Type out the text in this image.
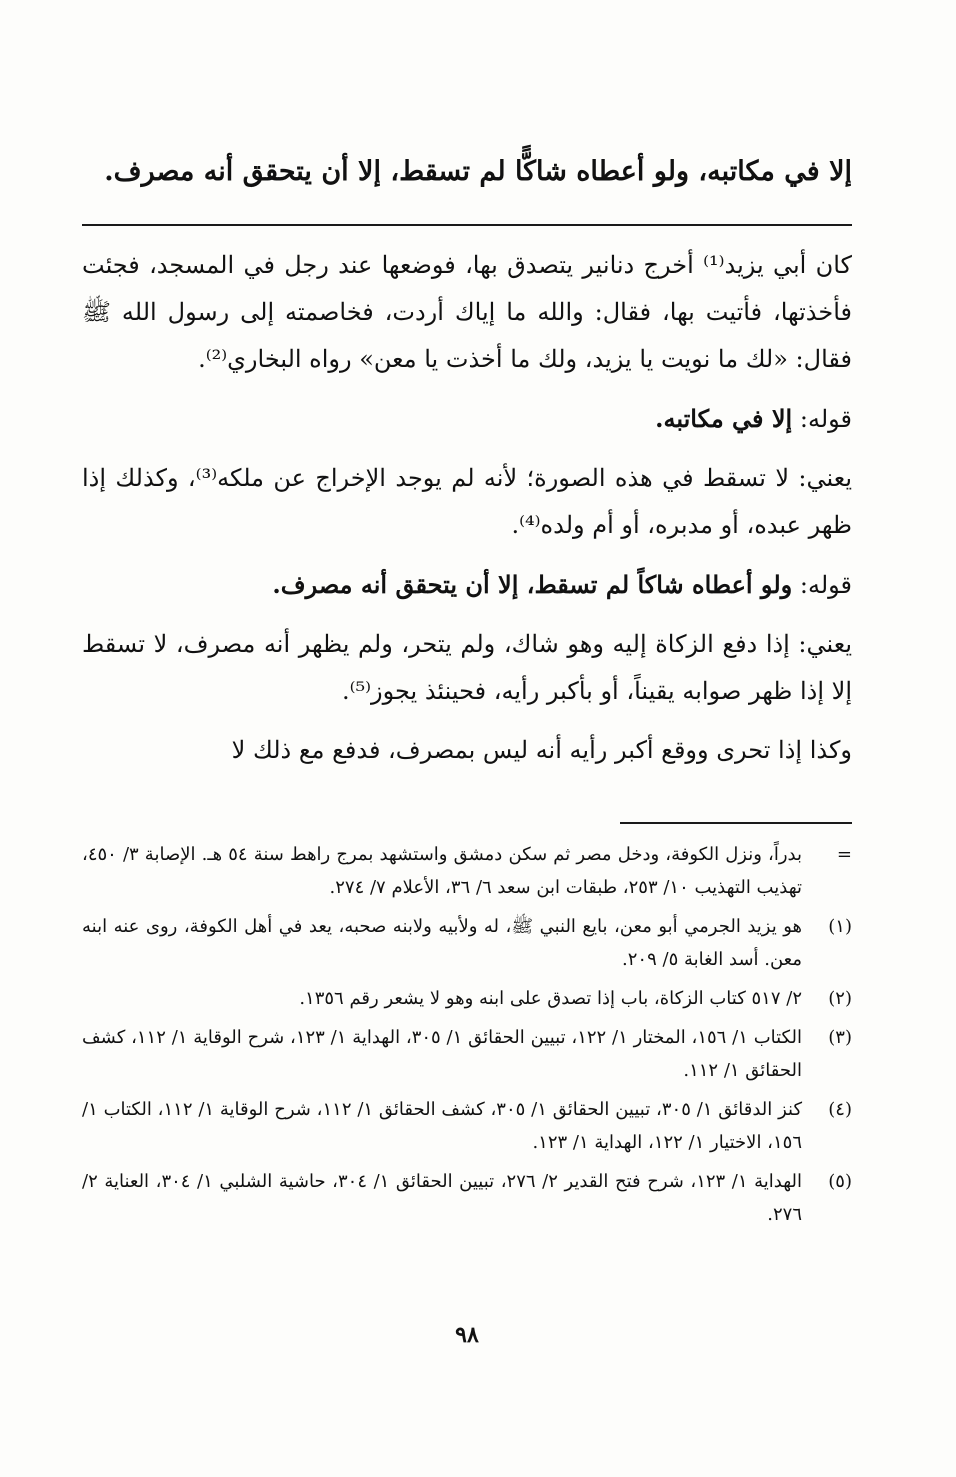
إلا في مكاتبه، ولو أعطاه شاكًّا لم تسقط، إلا أن يتحقق أنه مصرف.

كان أبي يزيد⁽¹⁾ أخرج دنانير يتصدق بها، فوضعها عند رجل في المسجد، فجئت فأخذتها، فأتيت بها، فقال: والله ما إياك أردت، فخاصمته إلى رسول الله ﷺ فقال: «لك ما نويت يا يزيد، ولك ما أخذت يا معن» رواه البخاري⁽²⁾.

قوله: إلا في مكاتبه.

يعني: لا تسقط في هذه الصورة؛ لأنه لم يوجد الإخراج عن ملكه⁽³⁾، وكذلك إذا ظهر عبده، أو مدبره، أو أم ولده⁽⁴⁾.

قوله: ولو أعطاه شاكاً لم تسقط، إلا أن يتحقق أنه مصرف.

يعني: إذا دفع الزكاة إليه وهو شاك، ولم يتحر، ولم يظهر أنه مصرف، لا تسقط إلا إذا ظهر صوابه يقيناً، أو بأكبر رأيه، فحينئذ يجوز⁽⁵⁾.

وكذا إذا تحرى ووقع أكبر رأيه أنه ليس بمصرف، فدفع مع ذلك لا

=
بدراً، ونزل الكوفة، ودخل مصر ثم سكن دمشق واستشهد بمرج راهط سنة ٥٤ هـ. الإصابة ٣/ ٤٥٠، تهذيب التهذيب ١٠/ ٢٥٣، طبقات ابن سعد ٦/ ٣٦، الأعلام ٧/ ٢٧٤.
(١)
هو يزيد الجرمي أبو معن، بايع النبي ﷺ، له ولأبيه ولابنه صحبه، يعد في أهل الكوفة، روى عنه ابنه معن. أسد الغابة ٥/ ٢٠٩.
(٢)
٢/ ٥١٧ كتاب الزكاة، باب إذا تصدق على ابنه وهو لا يشعر رقم ١٣٥٦.
(٣)
الكتاب ١/ ١٥٦، المختار ١/ ١٢٢، تبيين الحقائق ١/ ٣٠٥، الهداية ١/ ١٢٣، شرح الوقاية ١/ ١١٢، كشف الحقائق ١/ ١١٢.
(٤)
كنز الدقائق ١/ ٣٠٥، تبيين الحقائق ١/ ٣٠٥، كشف الحقائق ١/ ١١٢، شرح الوقاية ١/ ١١٢، الكتاب ١/ ١٥٦، الاختيار ١/ ١٢٢، الهداية ١/ ١٢٣.
(٥)
الهداية ١/ ١٢٣، شرح فتح القدير ٢/ ٢٧٦، تبيين الحقائق ١/ ٣٠٤، حاشية الشلبي ١/ ٣٠٤، العناية ٢/ ٢٧٦.
٩٨
